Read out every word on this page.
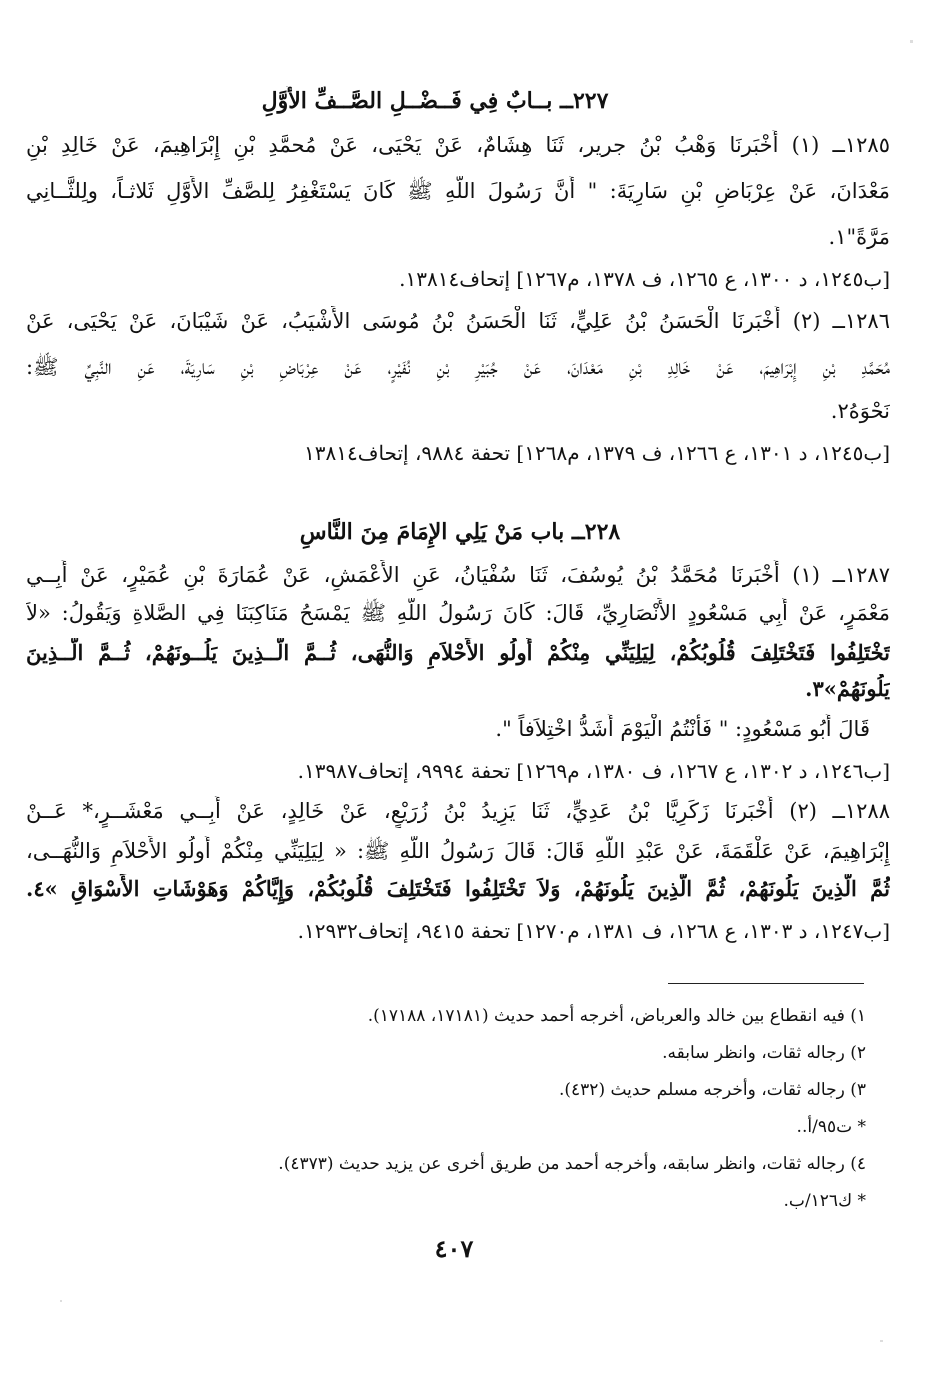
٢٢٧ــ بــابٌ فِي فَــضْــلِ الصَّــفِّ الأَوَّلِ
١٢٨٥ــ (١) أَخْبَرنَا وَهْبُ بْنُ جرير، ثَنَا هِشَامٌ، عَنْ يَحْيَى، عَنْ مُحمَّدِ بْنِ إِبْرَاهِيمَ، عَنْ خَالِدِ بْنِ
مَعْدَانَ، عَنْ عِرْبَاضِ بْنِ سَارِيَةَ: " أَنَّ رَسُولَ اللَّهِ ﷺ كَانَ يَسْتَغْفِرُ لِلصَّفِّ الأَوَّلِ ثَلاثـاً، ولِلثَّــانِي
مَرَّةً"١.
[ب١٢٤٥، د ١٣٠٠، ع ١٢٦٥، ف ١٣٧٨، م١٢٦٧] إتحاف١٣٨١٤.
١٢٨٦ــ (٢) أَخْبَرنَا الْحَسَنُ بْنُ عَلِيٍّ، ثَنَا الْحَسَنُ بْنُ مُوسَى الأَشْيَبُ، عَنْ شَيْبَانَ، عَنْ يَحْيَى، عَنْ
مُحَمَّدِ بْنِ إِبْرَاهِيمَ، عَنْ خَالِدِ بْنِ مَعْدَانَ، عَنْ جُبَيْرِ بْنِ نُفَيْرٍ، عَنْ عِرْبَاضِ بْنِ سَارِيَةَ، عَنِ النَّبِيِّ ﷺ:
نَحْوَهُ٢.
[ب١٢٤٥، د ١٣٠١، ع ١٢٦٦، ف ١٣٧٩، م١٢٦٨] تحفة ٩٨٨٤، إتحاف١٣٨١٤
٢٢٨ــ باب مَنْ يَلِي الإِمَامَ مِنَ النَّاسِ
١٢٨٧ــ (١) أَخْبَرنَا مُحَمَّدُ بْنُ يُوسُفَ، ثَنَا سُفْيَانُ، عَنِ الأَعْمَشِ، عَنْ عُمَارَةَ بْنِ عُمَيْرٍ، عَنْ أَبِــي
مَعْمَرٍ، عَنْ أَبِي مَسْعُودٍ الأَنْصَارِيِّ، قَالَ: كَانَ رَسُولُ اللَّهِ ﷺ يَمْسَحُ مَنَاكِبَنَا فِي الصَّلاةِ وَيَقُولُ: «لاَ
تَخْتَلِفُوا فَتَخْتَلِفَ قُلُوبُكُمْ، لِيَلِيَنِّي مِنْكُمْ أُولُو الأَحْلاَمِ وَالنُّهَى، ثُــمَّ الَّــذِينَ يَلُــونَهُمْ، ثُــمَّ الَّــذِينَ
يَلُونَهُمْ»٣.
قَالَ أَبُو مَسْعُودٍ: " فَأَنْتُمُ الْيَوْمَ أَشَدُّ اخْتِلاَفاً ".
[ب١٢٤٦، د ١٣٠٢، ع ١٢٦٧، ف ١٣٨٠، م١٢٦٩] تحفة ٩٩٩٤، إتحاف١٣٩٨٧.
١٢٨٨ــ (٢) أَخْبَرنَا زَكَرِيَّا بْنُ عَدِيٍّ، ثَنَا يَزِيدُ بْنُ زُرَيْعٍ، عَنْ خَالِدٍ، عَنْ أَبِــي مَعْشَــرٍ،* عَــنْ
إِبْرَاهِيمَ، عَنْ عَلْقَمَةَ، عَنْ عَبْدِ اللَّهِ قَالَ: قَالَ رَسُولُ اللَّهِ ﷺ: « لِيَلِيَنِّي مِنْكُمْ أُولُو الأَحْلاَمِ وَالنُّهَــى،
ثُمَّ الَّذِينَ يَلُونَهُمْ، ثُمَّ الَّذِينَ يَلُونَهُمْ، وَلاَ تَخْتَلِفُوا فَتَخْتَلِفَ قُلُوبُكُمْ، وَإِيَّاكُمْ وَهَوْشَاتِ الأَسْوَاقِ »٤.
[ب١٢٤٧، د ١٣٠٣، ع ١٢٦٨، ف ١٣٨١، م١٢٧٠] تحفة ٩٤١٥، إتحاف١٢٩٣٢.
١) فيه انقطاع بين خالد والعرباض، أخرجه أحمد حديث (١٧١٨١، ١٧١٨٨).
٢) رجاله ثقات، وانظر سابقه.
٣) رجاله ثقات، وأخرجه مسلم حديث (٤٣٢).
* ت٩٥/أ..
٤) رجاله ثقات، وانظر سابقه، وأخرجه أحمد من طريق أخرى عن يزيد حديث (٤٣٧٣).
* ك١٢٦/ب.
٤٠٧
